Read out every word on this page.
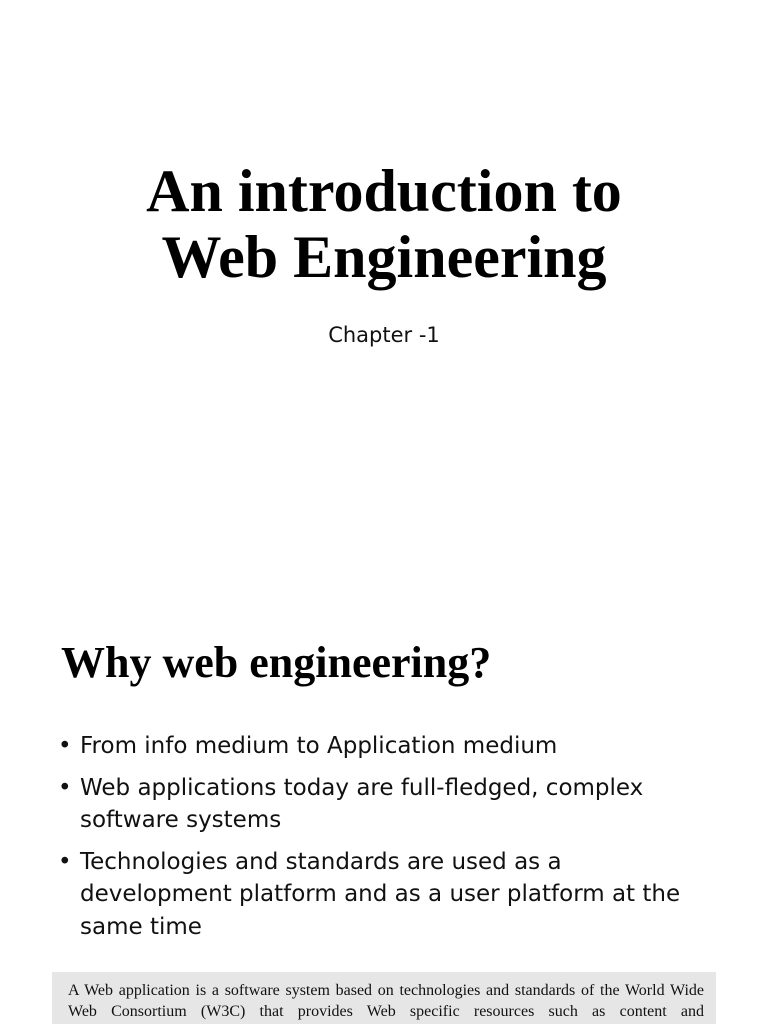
An introduction to
Web Engineering
Chapter -1
Why web engineering?
• From info medium to Application medium
• Web applications today are full-fledged, complex software systems
• Technologies and standards are used as a development platform and as a user platform at the same time

A Web application is a software system based on technologies and standards of the World Wide Web Consortium (W3C) that provides Web specific resources such as content and
